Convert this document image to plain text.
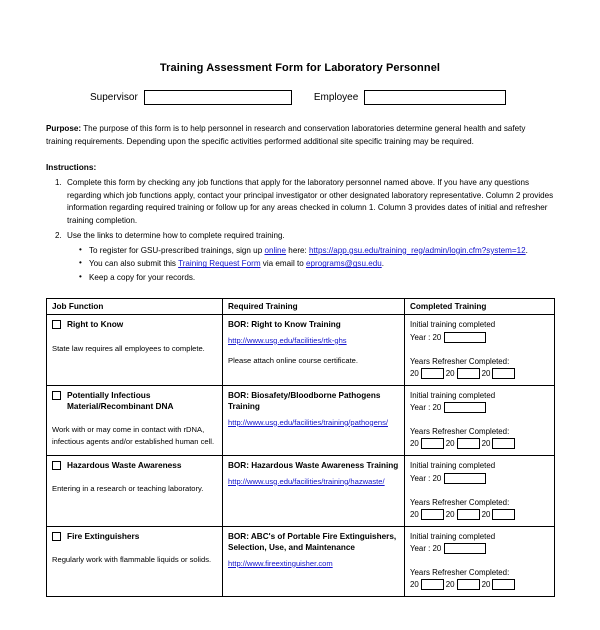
Training Assessment Form for Laboratory Personnel
Supervisor	Employee
Purpose: The purpose of this form is to help personnel in research and conservation laboratories determine general health and safety training requirements. Depending upon the specific activities performed additional site specific training may be required.
Instructions:
1. Complete this form by checking any job functions that apply for the laboratory personnel named above. If you have any questions regarding which job functions apply, contact your principal investigator or other designated laboratory representative. Column 2 provides information regarding required training or follow up for any areas checked in column 1. Column 3 provides dates of initial and refresher training completion.
2. Use the links to determine how to complete required training.
• To register for GSU-prescribed trainings, sign up online here: https://app.gsu.edu/training_reg/admin/login.cfm?system=12.
• You can also submit this Training Request Form via email to eprograms@gsu.edu.
• Keep a copy for your records.
Job Function	Required Training	Completed Training

Right to Know
State law requires all employees to complete.

BOR: Right to Know Training
http://www.usg.edu/facilities/rtk-ghs
Please attach online course certificate.

Initial training completed
Year : 20
Years Refresher Completed:
20	20	20

Potentially Infectious Material/Recombinant DNA
Work with or may come in contact with rDNA, infectious agents and/or established human cell.

BOR: Biosafety/Bloodborne Pathogens Training
http://www.usg.edu/facilities/training/pathogens/

Initial training completed
Year : 20
Years Refresher Completed:
20	20	20

Hazardous Waste Awareness
Entering in a research or teaching laboratory.

BOR: Hazardous Waste Awareness Training
http://www.usg.edu/facilities/training/hazwaste/

Initial training completed
Year : 20
Years Refresher Completed:
20	20	20

Fire Extinguishers
Regularly work with flammable liquids or solids.

BOR: ABC's of Portable Fire Extinguishers, Selection, Use, and Maintenance
http://www.fireextinguisher.com

Initial training completed
Year : 20
Years Refresher Completed:
20	20	20
